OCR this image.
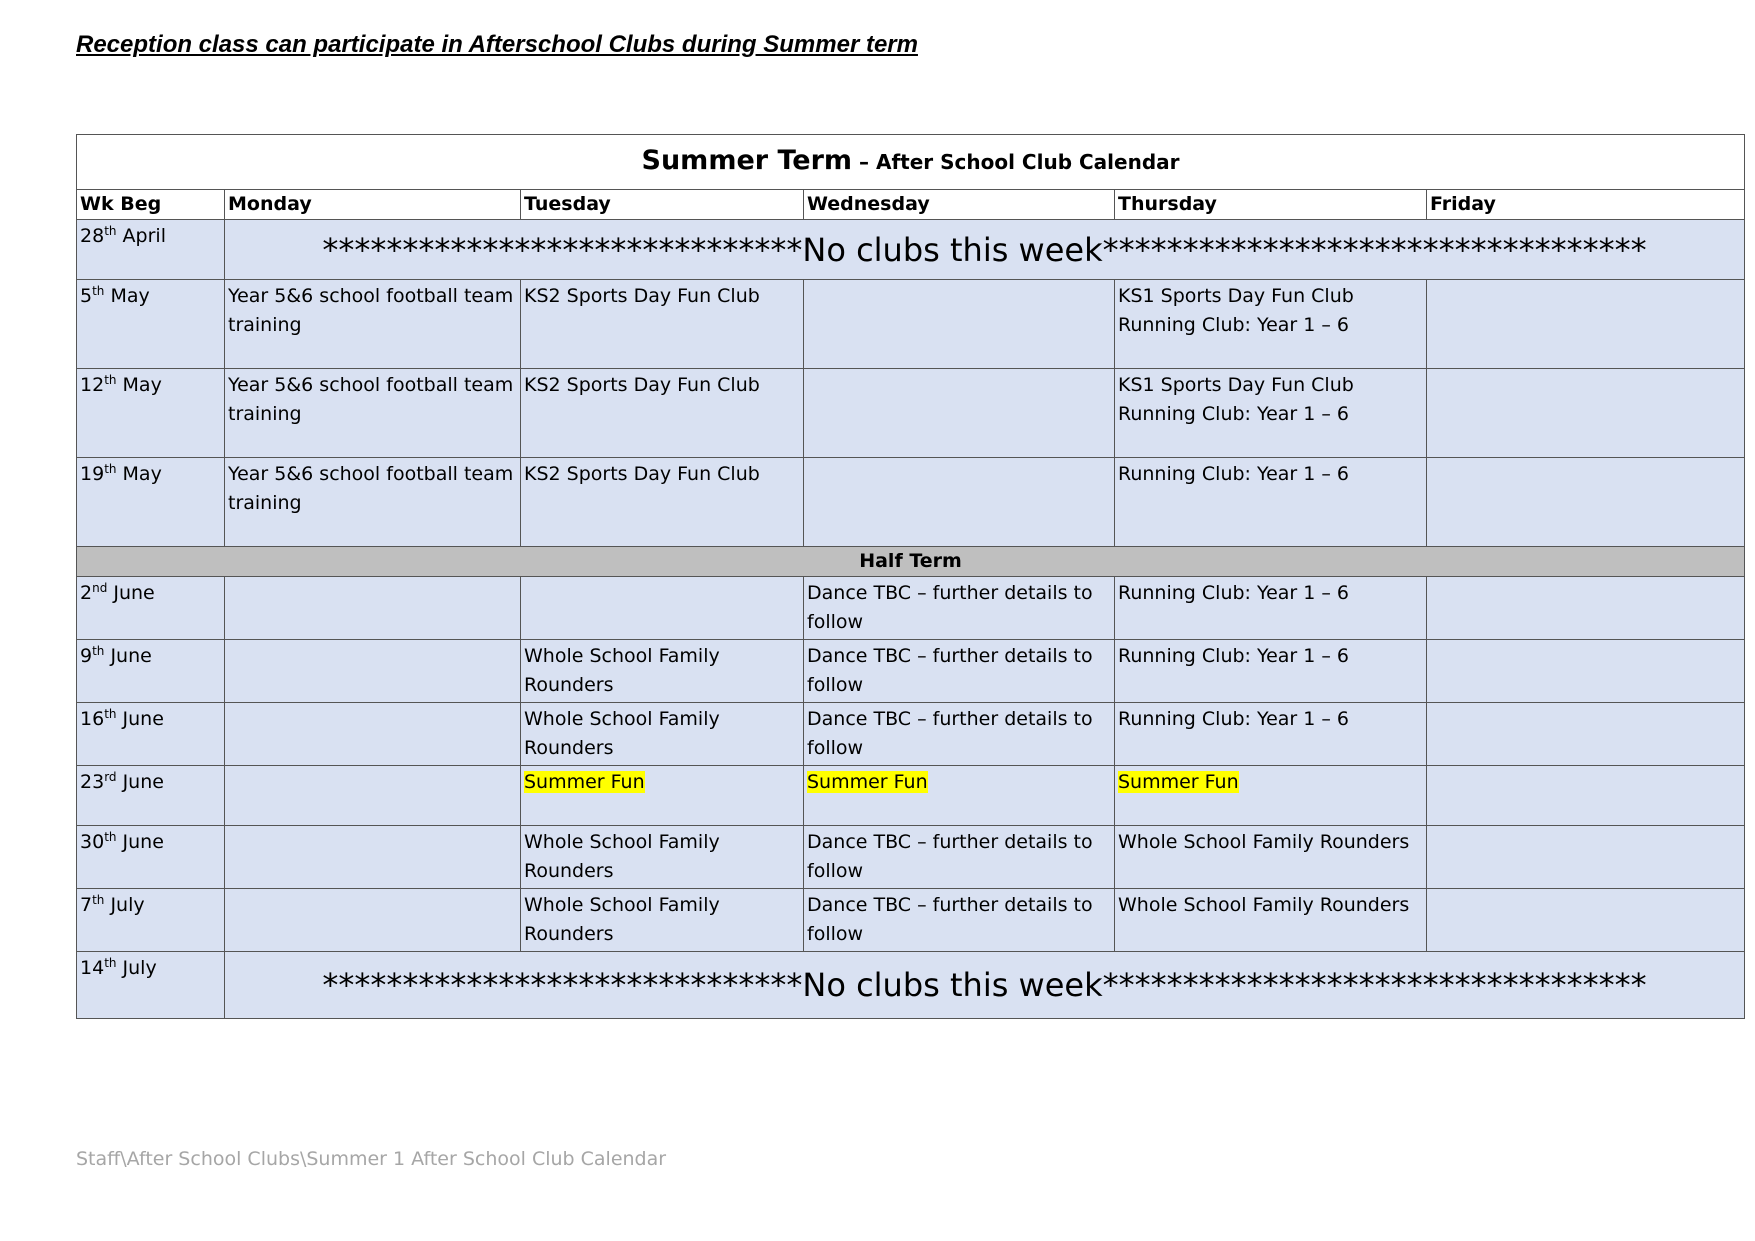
Reception class can participate in Afterschool Clubs during Summer term
Summer Term – After School Club Calendar					
Wk Beg	Monday	Tuesday	Wednesday	Thursday	Friday
28th April	******************************No clubs this week**********************************				
5th May	Year 5&6 school football team training	KS2 Sports Day Fun Club		KS1 Sports Day Fun Club
Running Club: Year 1 – 6	

12th May	Year 5&6 school football team training	KS2 Sports Day Fun Club		KS1 Sports Day Fun Club
Running Club: Year 1 – 6	

19th May	Year 5&6 school football team training	KS2 Sports Day Fun Club		Running Club: Year 1 – 6	
Half Term					
2nd June			Dance TBC – further details to follow	Running Club: Year 1 – 6	
9th June		Whole School Family Rounders	Dance TBC – further details to follow	Running Club: Year 1 – 6	
16th June		Whole School Family Rounders	Dance TBC – further details to follow	Running Club: Year 1 – 6	
23rd June		Summer Fun	Summer Fun	Summer Fun	
30th June		Whole School Family Rounders	Dance TBC – further details to follow	Whole School Family Rounders	
7th July		Whole School Family Rounders	Dance TBC – further details to follow	Whole School Family Rounders	
14th July	******************************No clubs this week**********************************				
Staff\After School Clubs\Summer 1 After School Club Calendar
